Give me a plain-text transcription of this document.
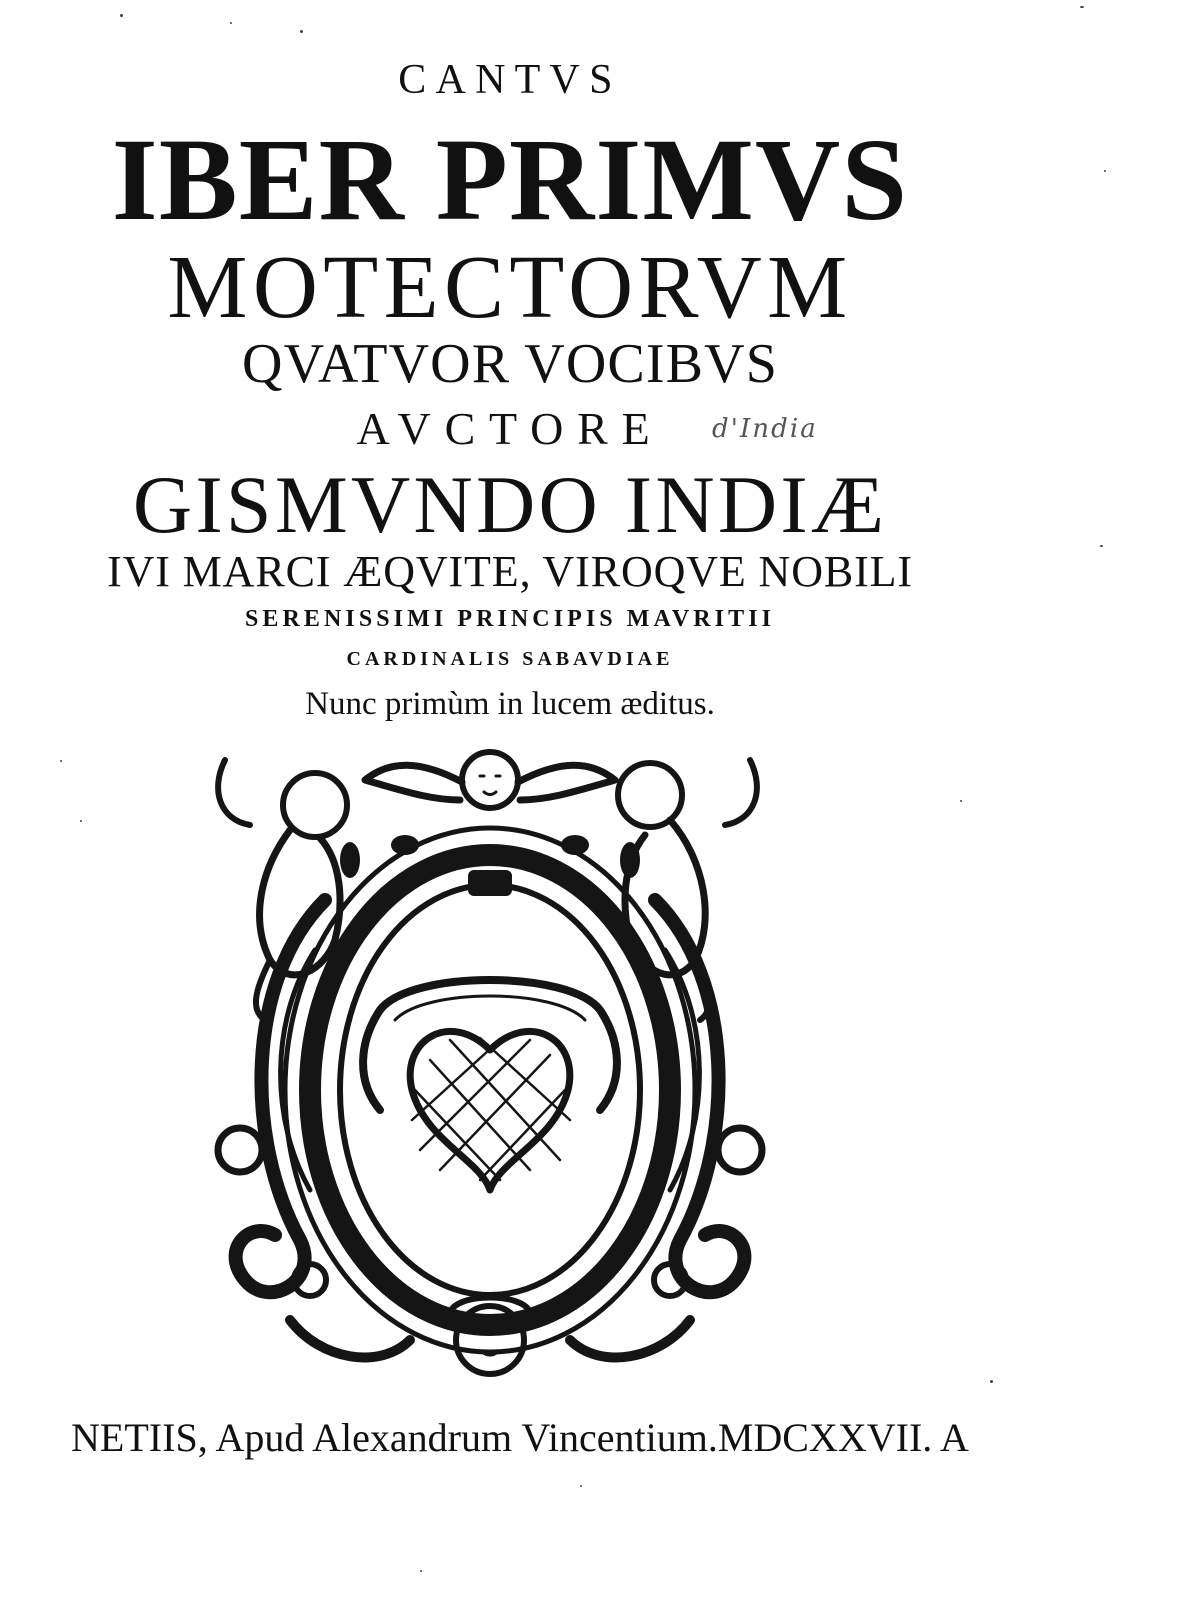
CANTVS
IBER PRIMVS
MOTECTORVM
QVATVOR VOCIBVS
AVCTORE	d'India
GISMVNDO INDIÆ
IVI MARCI ÆQVITE, VIROQVE NOBILI
SERENISSIMI PRINCIPIS MAVRITII
CARDINALIS SABAVDIAE
Nunc primùm in lucem æditus.
NETIIS, Apud Alexandrum Vincentium.MDCXXVII. A
